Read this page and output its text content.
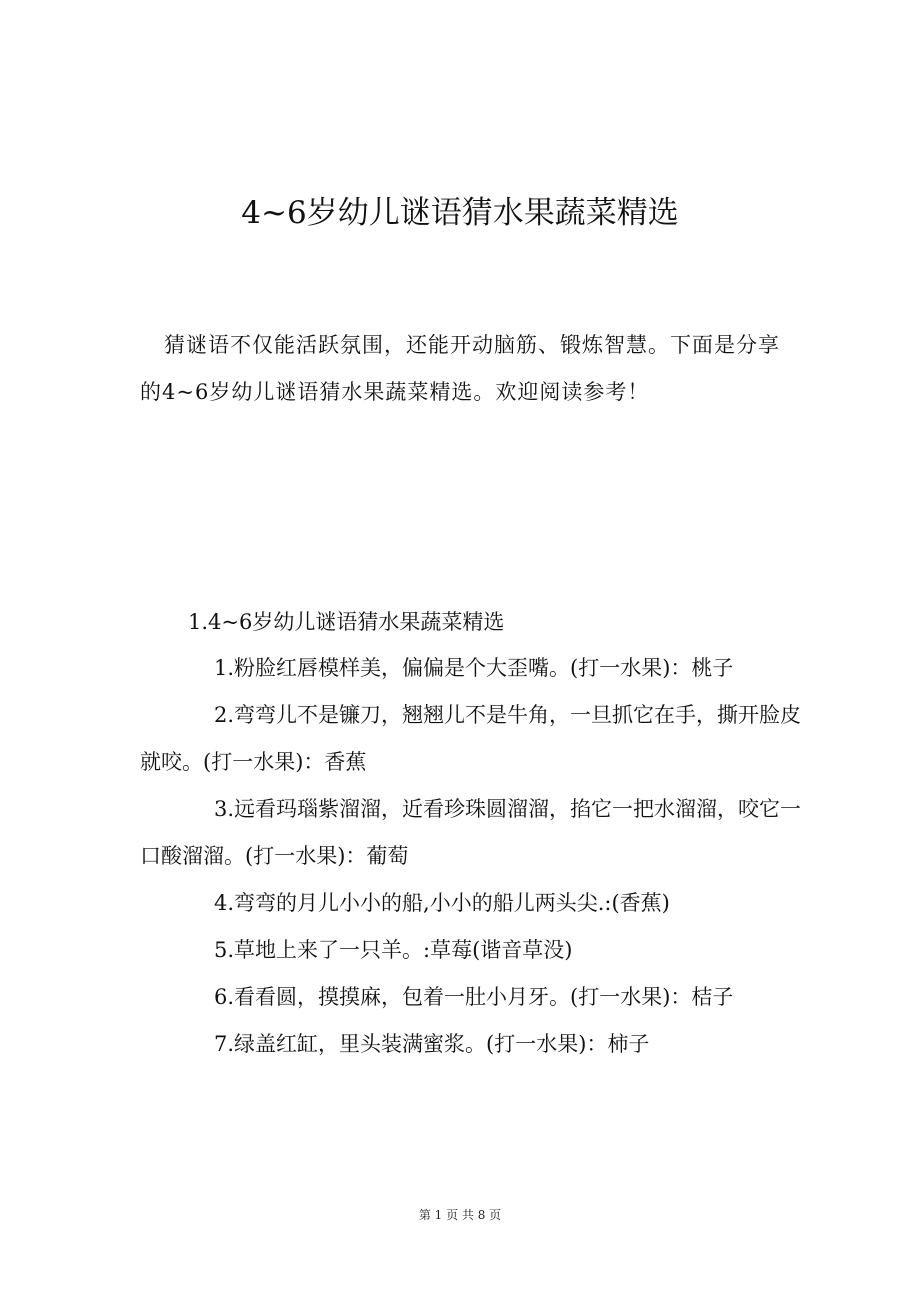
4~6岁幼儿谜语猜水果蔬菜精选

猜谜语不仅能活跃氛围，还能开动脑筋、锻炼智慧。下面是分享的4~6岁幼儿谜语猜水果蔬菜精选。欢迎阅读参考！

1.4~6岁幼儿谜语猜水果蔬菜精选

1.粉脸红唇模样美，偏偏是个大歪嘴。(打一水果)：桃子
2.弯弯儿不是镰刀，翘翘儿不是牛角，一旦抓它在手，撕开脸皮就咬。(打一水果)：香蕉
3.远看玛瑙紫溜溜，近看珍珠圆溜溜，掐它一把水溜溜，咬它一口酸溜溜。(打一水果)：葡萄
4.弯弯的月儿小小的船,小小的船儿两头尖.:(香蕉)
5.草地上来了一只羊。:草莓(谐音草没)
6.看看圆，摸摸麻，包着一肚小月牙。(打一水果)：桔子
7.绿盖红缸，里头装满蜜浆。(打一水果)：柿子
第 1 页 共 8 页
